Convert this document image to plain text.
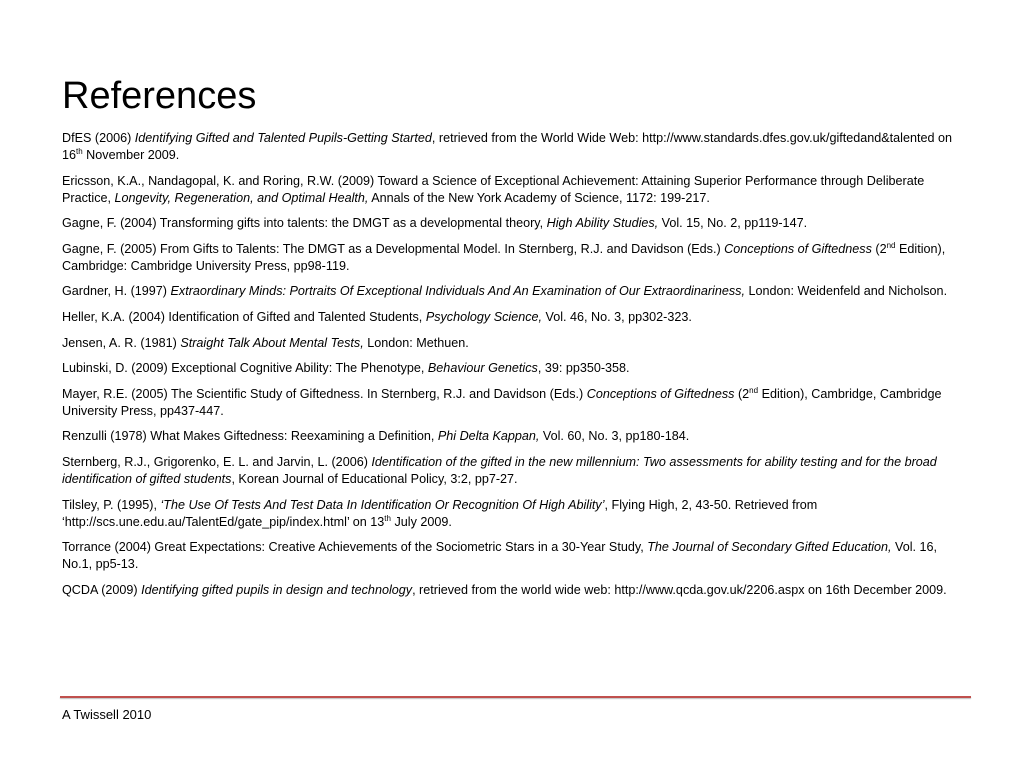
References
DfES (2006) Identifying Gifted and Talented Pupils-Getting Started, retrieved from the World Wide Web: http://www.standards.dfes.gov.uk/giftedand&talented on 16th November 2009.
Ericsson, K.A., Nandagopal, K. and Roring, R.W. (2009) Toward a Science of Exceptional Achievement: Attaining Superior Performance through Deliberate Practice, Longevity, Regeneration, and Optimal Health, Annals of the New York Academy of Science, 1172: 199-217.
Gagne, F. (2004) Transforming gifts into talents: the DMGT as a developmental theory, High Ability Studies, Vol. 15, No. 2, pp119-147.
Gagne, F. (2005) From Gifts to Talents: The DMGT as a Developmental Model. In Sternberg, R.J. and Davidson (Eds.) Conceptions of Giftedness (2nd Edition), Cambridge: Cambridge University Press, pp98-119.
Gardner, H. (1997) Extraordinary Minds: Portraits Of Exceptional Individuals And An Examination of Our Extraordinariness, London: Weidenfeld and Nicholson.
Heller, K.A. (2004) Identification of Gifted and Talented Students, Psychology Science, Vol. 46, No. 3, pp302-323.
Jensen, A. R. (1981) Straight Talk About Mental Tests, London: Methuen.
Lubinski, D. (2009) Exceptional Cognitive Ability: The Phenotype, Behaviour Genetics, 39: pp350-358.
Mayer, R.E. (2005) The Scientific Study of Giftedness. In Sternberg, R.J. and Davidson (Eds.) Conceptions of Giftedness (2nd Edition), Cambridge, Cambridge University Press, pp437-447.
Renzulli (1978) What Makes Giftedness: Reexamining a Definition, Phi Delta Kappan, Vol. 60, No. 3, pp180-184.
Sternberg, R.J., Grigorenko, E. L. and Jarvin, L. (2006) Identification of the gifted in the new millennium: Two assessments for ability testing and for the broad identification of gifted students, Korean Journal of Educational Policy, 3:2, pp7-27.
Tilsley, P. (1995), ‘The Use Of Tests And Test Data In Identification Or Recognition Of High Ability’, Flying High, 2, 43-50. Retrieved from ‘http://scs.une.edu.au/TalentEd/gate_pip/index.html’ on 13th July 2009.
Torrance (2004) Great Expectations: Creative Achievements of the Sociometric Stars in a 30-Year Study, The Journal of Secondary Gifted Education, Vol. 16, No.1, pp5-13.
QCDA (2009) Identifying gifted pupils in design and technology, retrieved from the world wide web: http://www.qcda.gov.uk/2206.aspx on 16th December 2009.
A Twissell 2010
